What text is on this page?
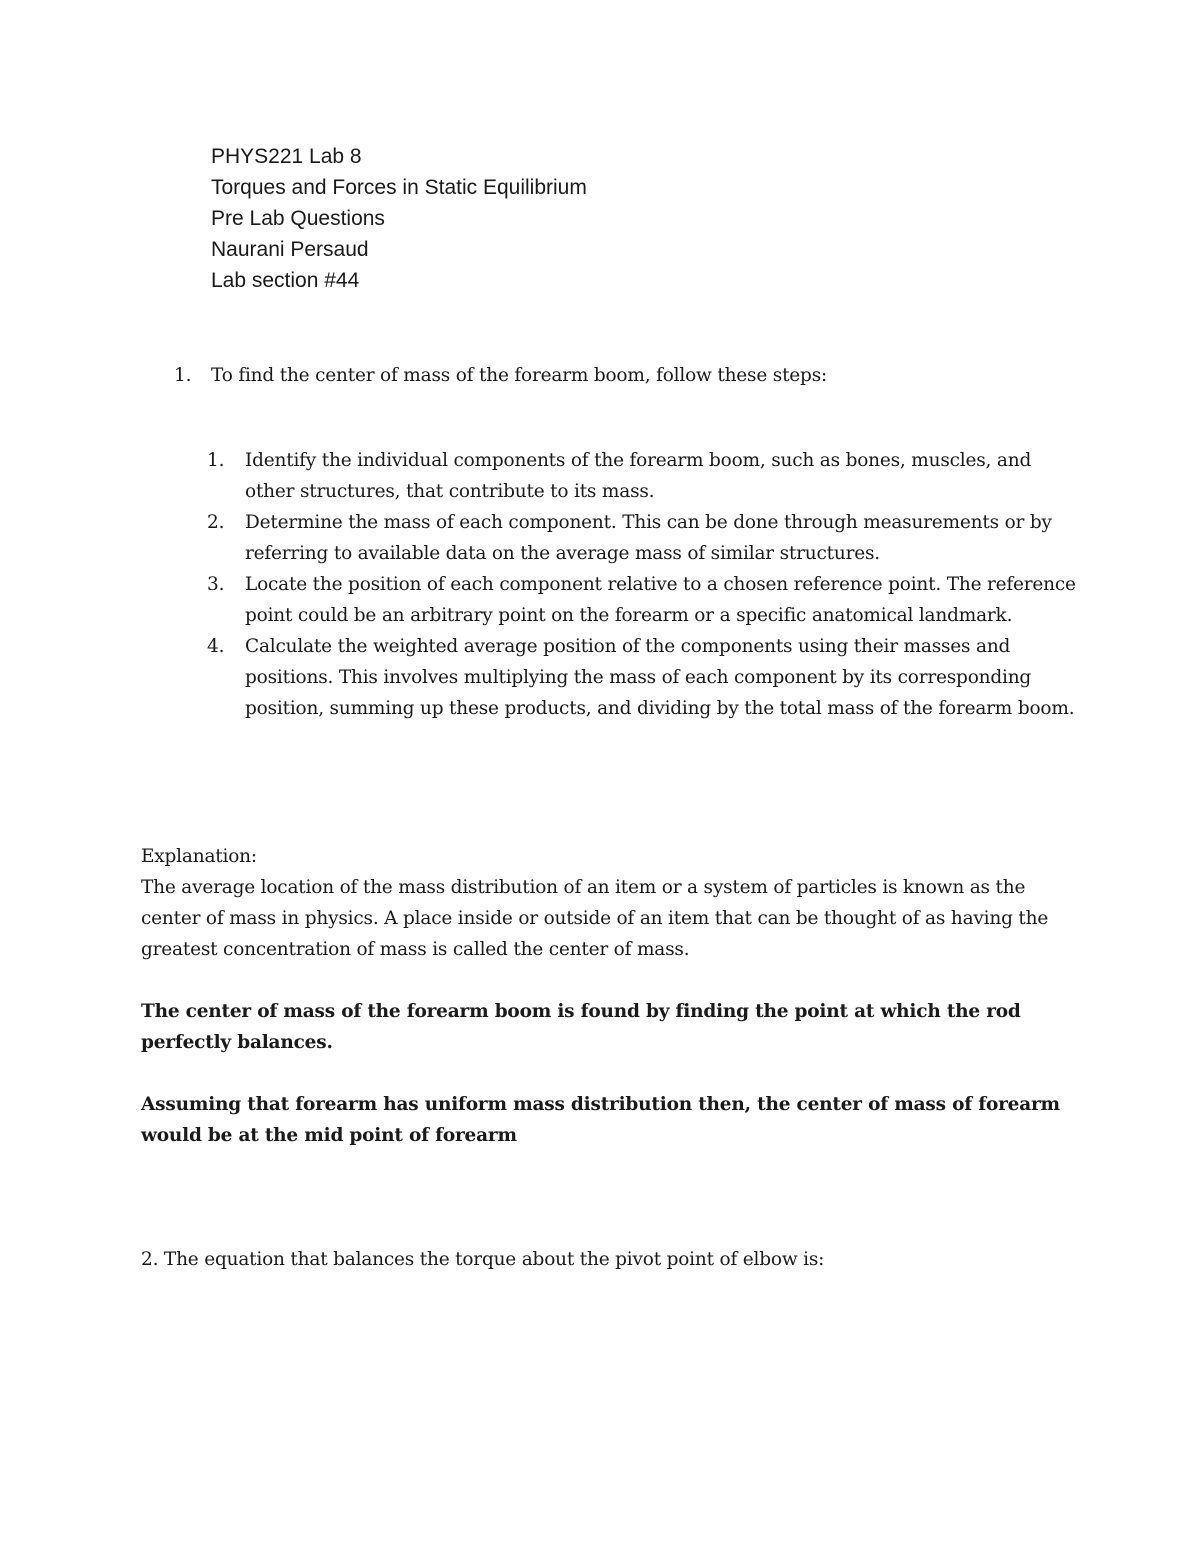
PHYS221 Lab 8
Torques and Forces in Static Equilibrium
Pre Lab Questions
Naurani Persaud
Lab section #44
1.	To find the center of mass of the forearm boom, follow these steps:
1.	Identify the individual components of the forearm boom, such as bones, muscles, and other structures, that contribute to its mass.
2.	Determine the mass of each component. This can be done through measurements or by referring to available data on the average mass of similar structures.
3.	Locate the position of each component relative to a chosen reference point. The reference point could be an arbitrary point on the forearm or a specific anatomical landmark.
4.	Calculate the weighted average position of the components using their masses and positions. This involves multiplying the mass of each component by its corresponding position, summing up these products, and dividing by the total mass of the forearm boom.
Explanation:
The average location of the mass distribution of an item or a system of particles is known as the center of mass in physics. A place inside or outside of an item that can be thought of as having the greatest concentration of mass is called the center of mass.
The center of mass of the forearm boom is found by finding the point at which the rod perfectly balances.
Assuming that forearm has uniform mass distribution then, the center of mass of forearm would be at the mid point of forearm
2. The equation that balances the torque about the pivot point of elbow is:
